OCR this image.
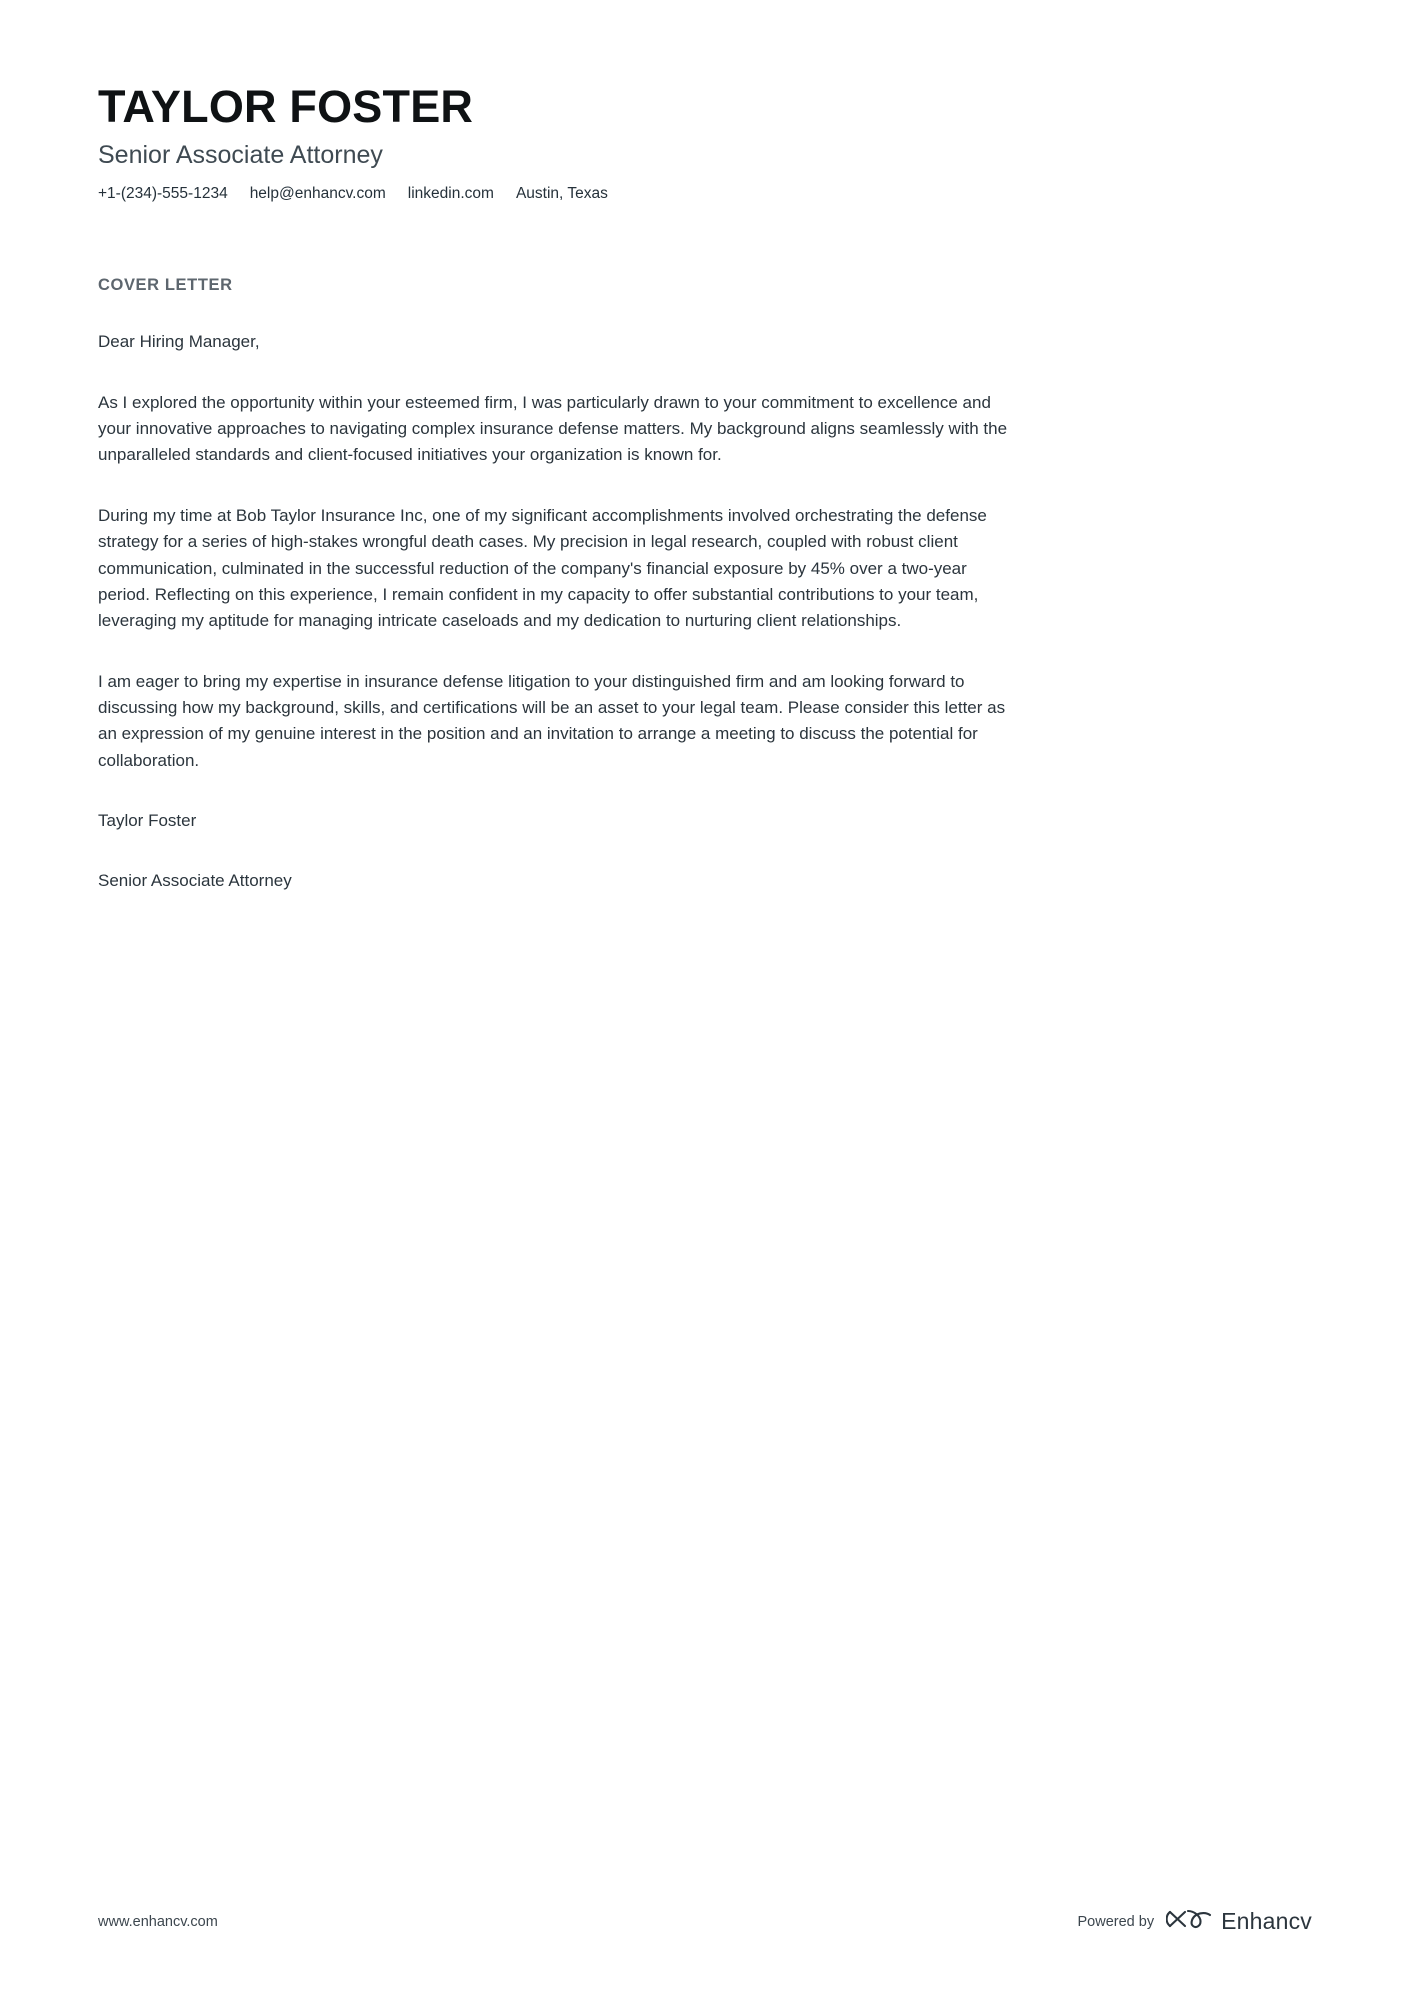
TAYLOR FOSTER
Senior Associate Attorney
+1-(234)-555-1234 help@enhancv.com linkedin.com Austin, Texas
COVER LETTER

Dear Hiring Manager,

As I explored the opportunity within your esteemed firm, I was particularly drawn to your commitment to excellence and your innovative approaches to navigating complex insurance defense matters. My background aligns seamlessly with the unparalleled standards and client-focused initiatives your organization is known for.

During my time at Bob Taylor Insurance Inc, one of my significant accomplishments involved orchestrating the defense strategy for a series of high-stakes wrongful death cases. My precision in legal research, coupled with robust client communication, culminated in the successful reduction of the company's financial exposure by 45% over a two-year period. Reflecting on this experience, I remain confident in my capacity to offer substantial contributions to your team, leveraging my aptitude for managing intricate caseloads and my dedication to nurturing client relationships.

I am eager to bring my expertise in insurance defense litigation to your distinguished firm and am looking forward to discussing how my background, skills, and certifications will be an asset to your legal team. Please consider this letter as an expression of my genuine interest in the position and an invitation to arrange a meeting to discuss the potential for collaboration.

Taylor Foster

Senior Associate Attorney

www.enhancv.com	Powered by	Enhancv
